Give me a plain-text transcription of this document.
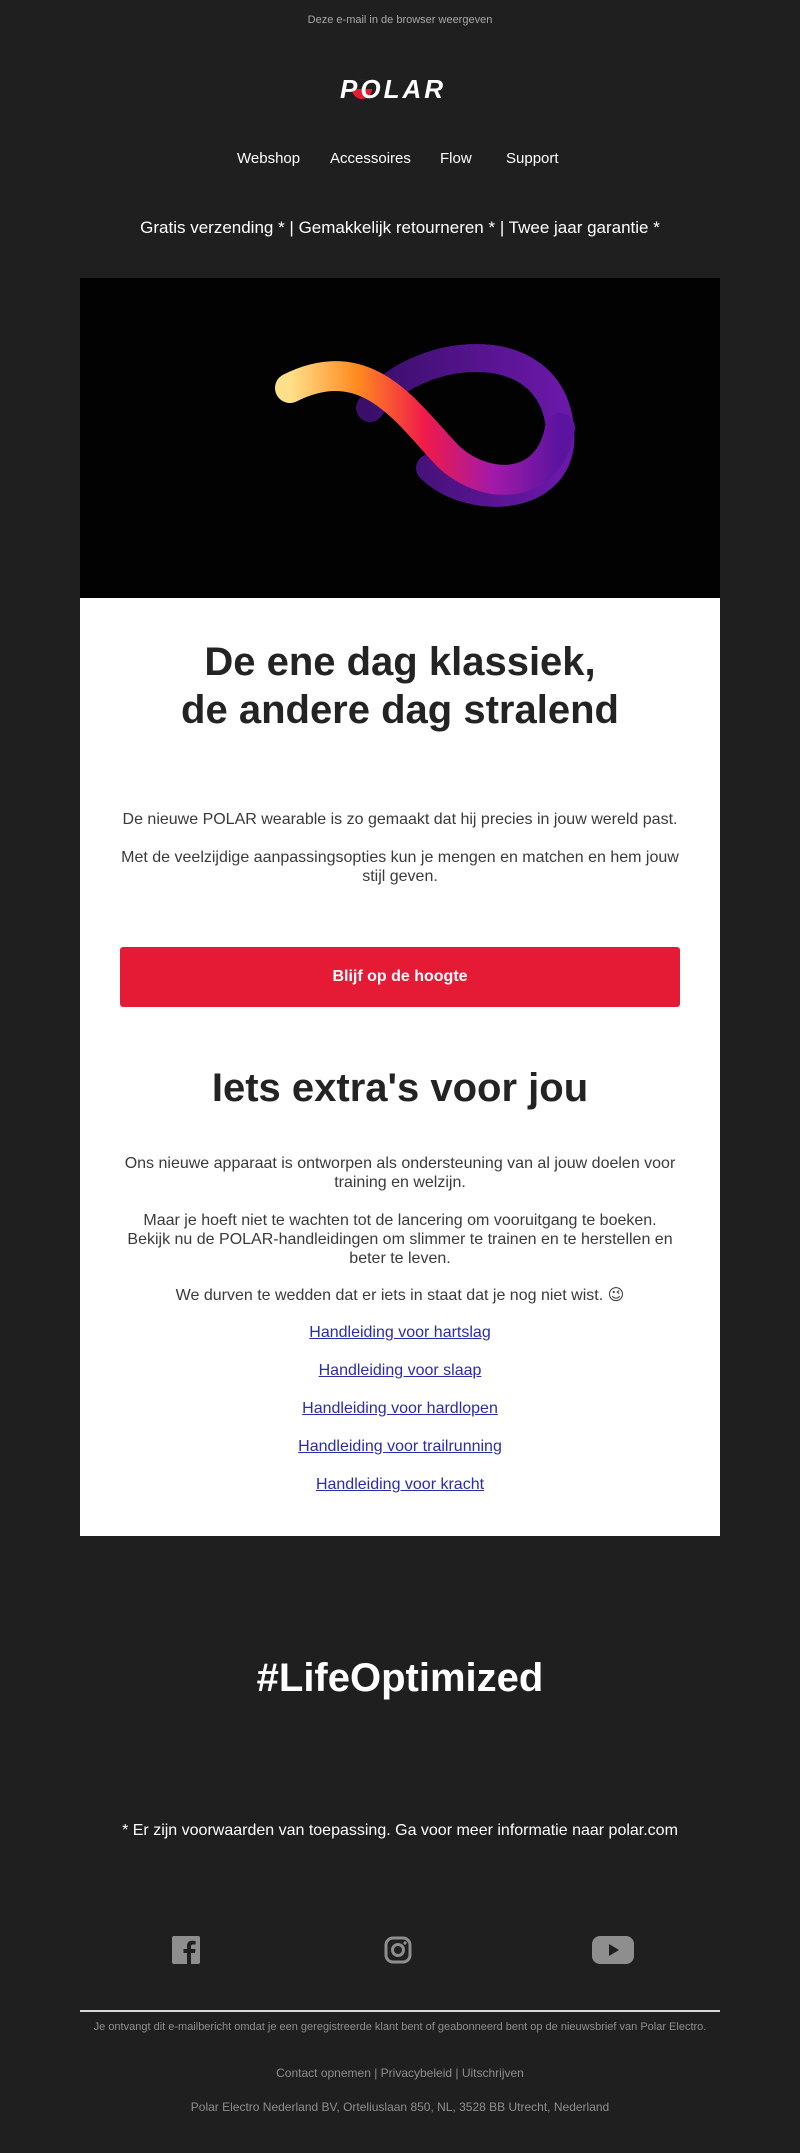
Deze e-mail in de browser weergeven
POLAR
Webshop Accessoires Flow Support
Gratis verzending * | Gemakkelijk retourneren * | Twee jaar garantie *
De ene dag klassiek,
de andere dag stralend
De nieuwe POLAR wearable is zo gemaakt dat hij precies in jouw wereld past.
Met de veelzijdige aanpassingsopties kun je mengen en matchen en hem jouw stijl geven.
Blijf op de hoogte
Iets extra's voor jou
Ons nieuwe apparaat is ontworpen als ondersteuning van al jouw doelen voor training en welzijn.
Maar je hoeft niet te wachten tot de lancering om vooruitgang te boeken. Bekijk nu de POLAR-handleidingen om slimmer te trainen en te herstellen en beter te leven.
We durven te wedden dat er iets in staat dat je nog niet wist. 😉
Handleiding voor hartslag
Handleiding voor slaap
Handleiding voor hardlopen
Handleiding voor trailrunning
Handleiding voor kracht
#LifeOptimized
* Er zijn voorwaarden van toepassing. Ga voor meer informatie naar polar.com
Je ontvangt dit e-mailbericht omdat je een geregistreerde klant bent of geabonneerd bent op de nieuwsbrief van Polar Electro.
Contact opnemen | Privacybeleid | Uitschrijven
Polar Electro Nederland BV, Orteliuslaan 850, NL, 3528 BB Utrecht, Nederland
